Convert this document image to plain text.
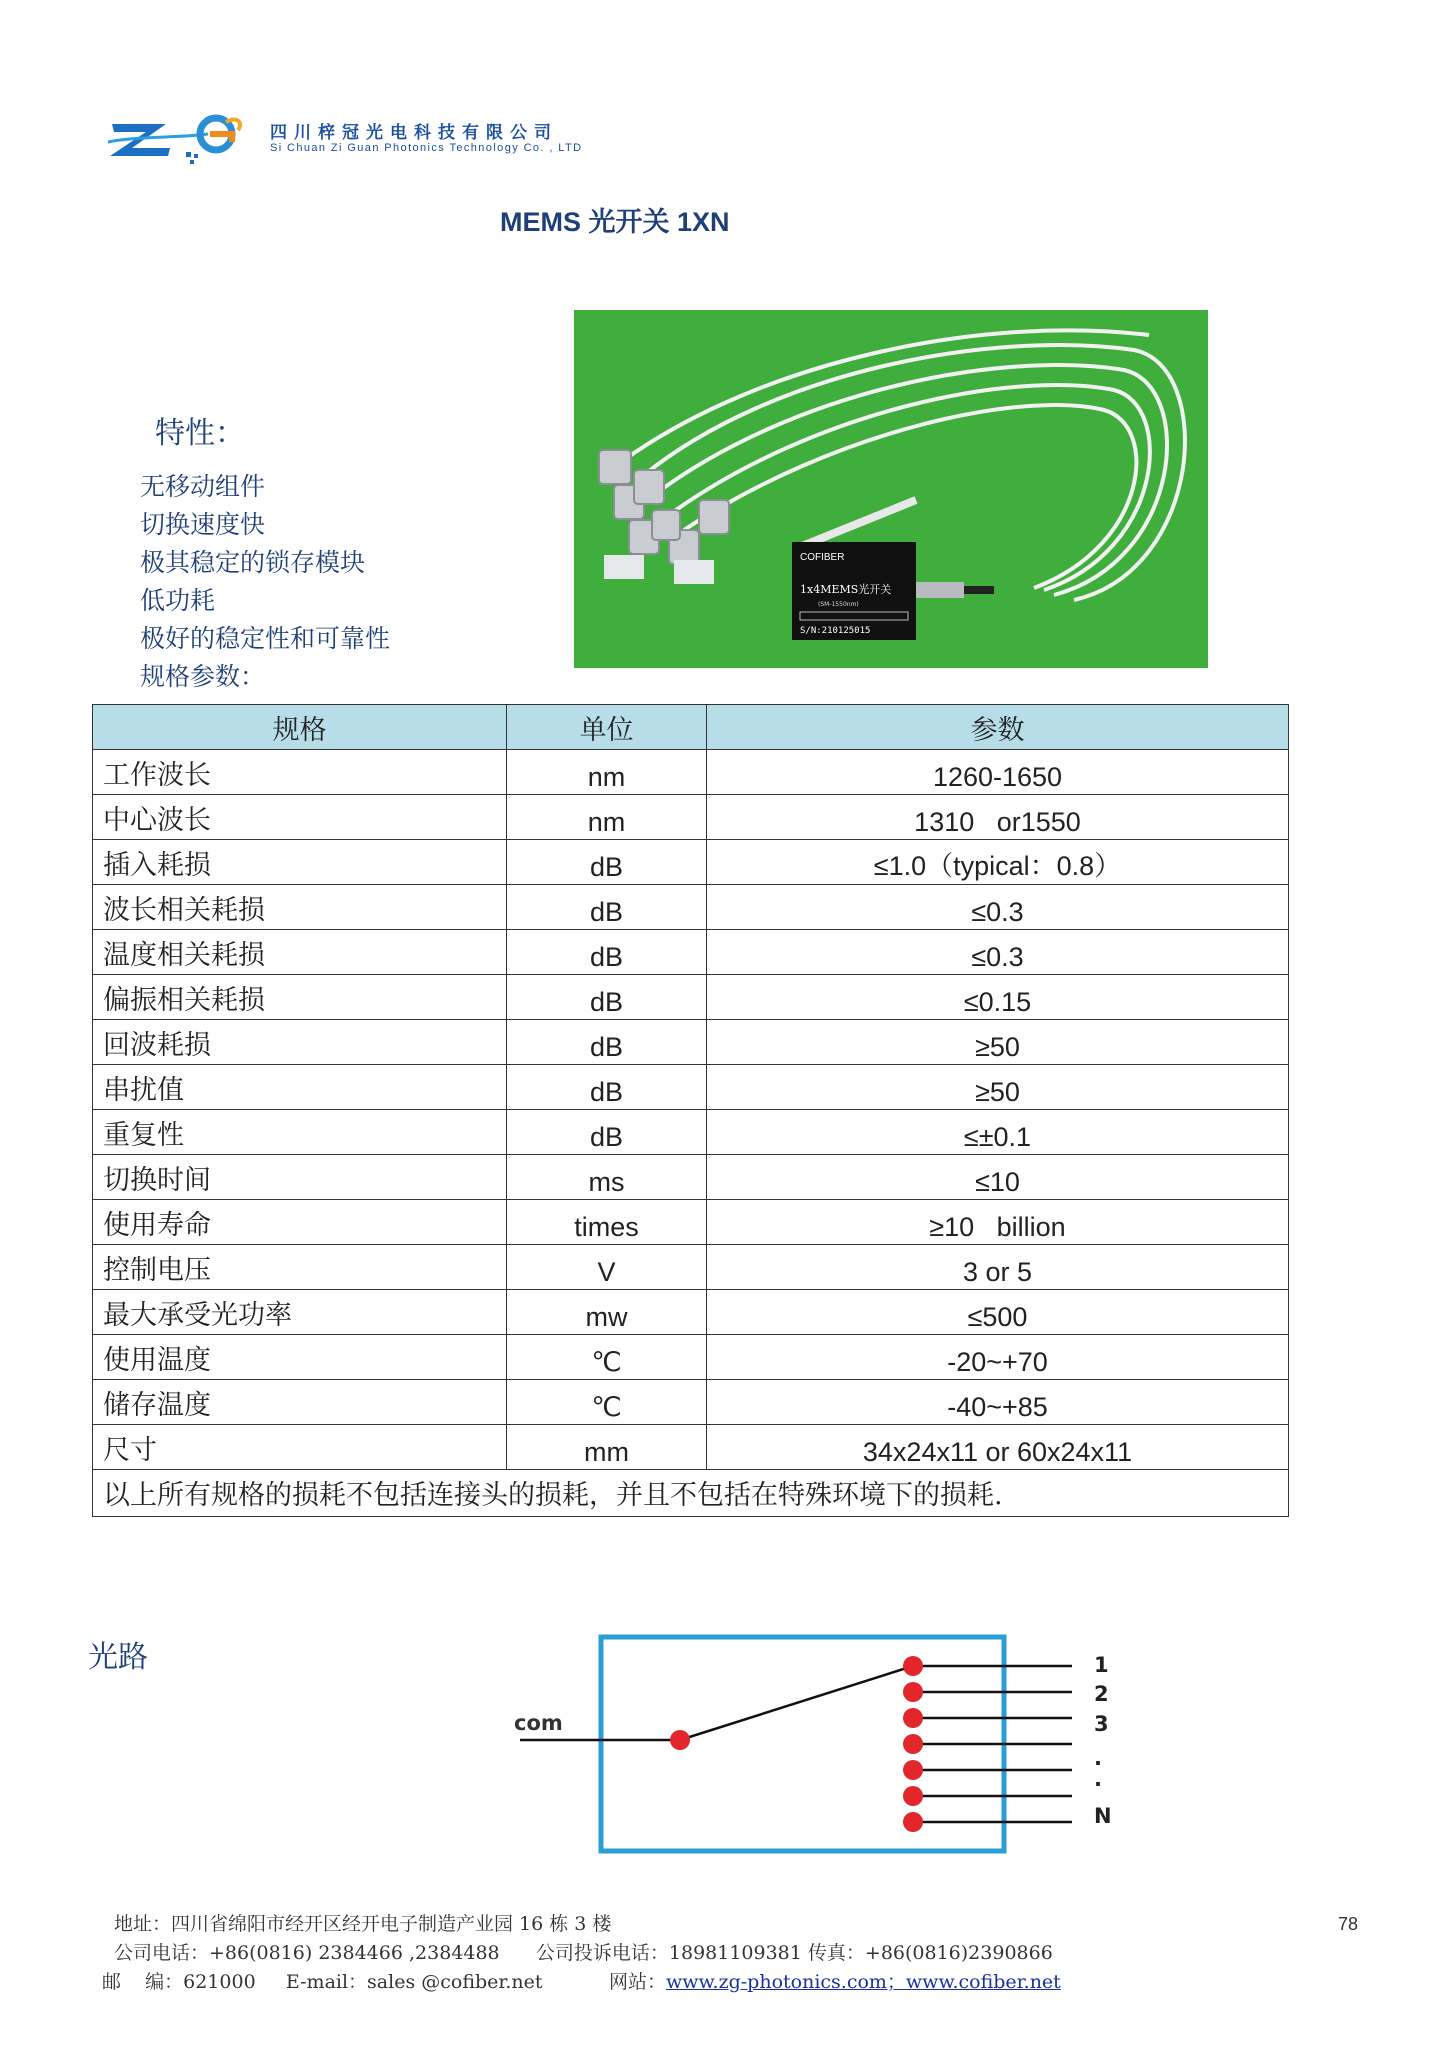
四川梓冠光电科技有限公司
Si Chuan Zi Guan Photonics Technology Co. , LTD
MEMS 光开关 1XN
COFIBER
1x4MEMS光开关
(SM-1550nm)
S/N:210125015
特性：
无移动组件
切换速度快
极其稳定的锁存模块
低功耗
极好的稳定性和可靠性
规格参数：
规格	单位	参数
工作波长	nm	1260-1650
中心波长	nm	1310   or1550
插入耗损	dB	≤1.0（typical：0.8）
波长相关耗损	dB	≤0.3
温度相关耗损	dB	≤0.3
偏振相关耗损	dB	≤0.15
回波耗损	dB	≥50
串扰值	dB	≥50
重复性	dB	≤±0.1
切换时间	ms	≤10
使用寿命	times	≥10   billion
控制电压	V	3 or 5
最大承受光功率	mw	≤500
使用温度	℃	-20~+70
储存温度	℃	-40~+85
尺寸	mm	34x24x11 or 60x24x11
以上所有规格的损耗不包括连接头的损耗，并且不包括在特殊环境下的损耗.		
光路
com
1
2
3
.
.
N
地址：四川省绵阳市经开区经开电子制造产业园 16 栋 3 楼	78
公司电话：+86(0816) 2384466 ,2384488 公司投诉电话：18981109381 传真：+86(0816)2390866
邮    编：621000 E-mail：sales @cofiber.net	网站：www.zg-photonics.com；www.cofiber.net
